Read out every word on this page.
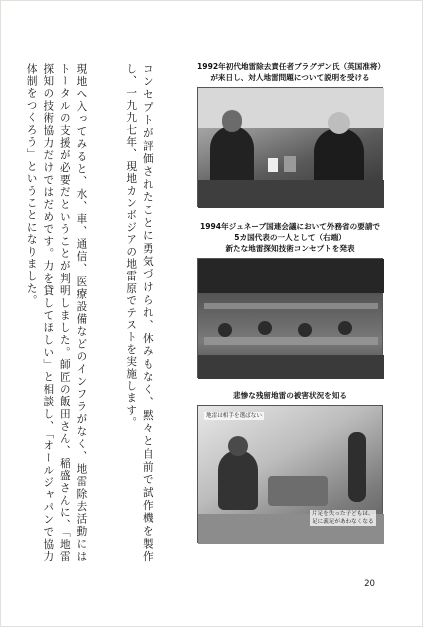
コンセプトが評価されたことに勇気づけられ、休みもなく、黙々と自前で試作機を製作し、一九九七年、現地カンボジアの地雷原でテストを実施します。

現地へ入ってみると、水、車、通信、医療設備などのインフラがなく、地雷除去活動にはトータルの支援が必要だということが判明しました。師匠の飯田さん、稲盛さんに、「地雷探知の技術協力だけではだめです。力を貸してほしい」と相談し、「オールジャパンで協力体制をつくろう」ということになりました。

	1992年初代地雷除去責任者ブラグデン氏（英国准将）
が来日し、対人地雷問題について説明を受ける
1994年ジュネーブ国連会議において外務省の要請で
5カ国代表の一人として（右端）
新たな地雷探知技術コンセプトを発表
悲惨な残留地雷の被害状況を知る
地雷は相手を選ばない
片足を失った子どもは、
足に義足があわなくなる
20
